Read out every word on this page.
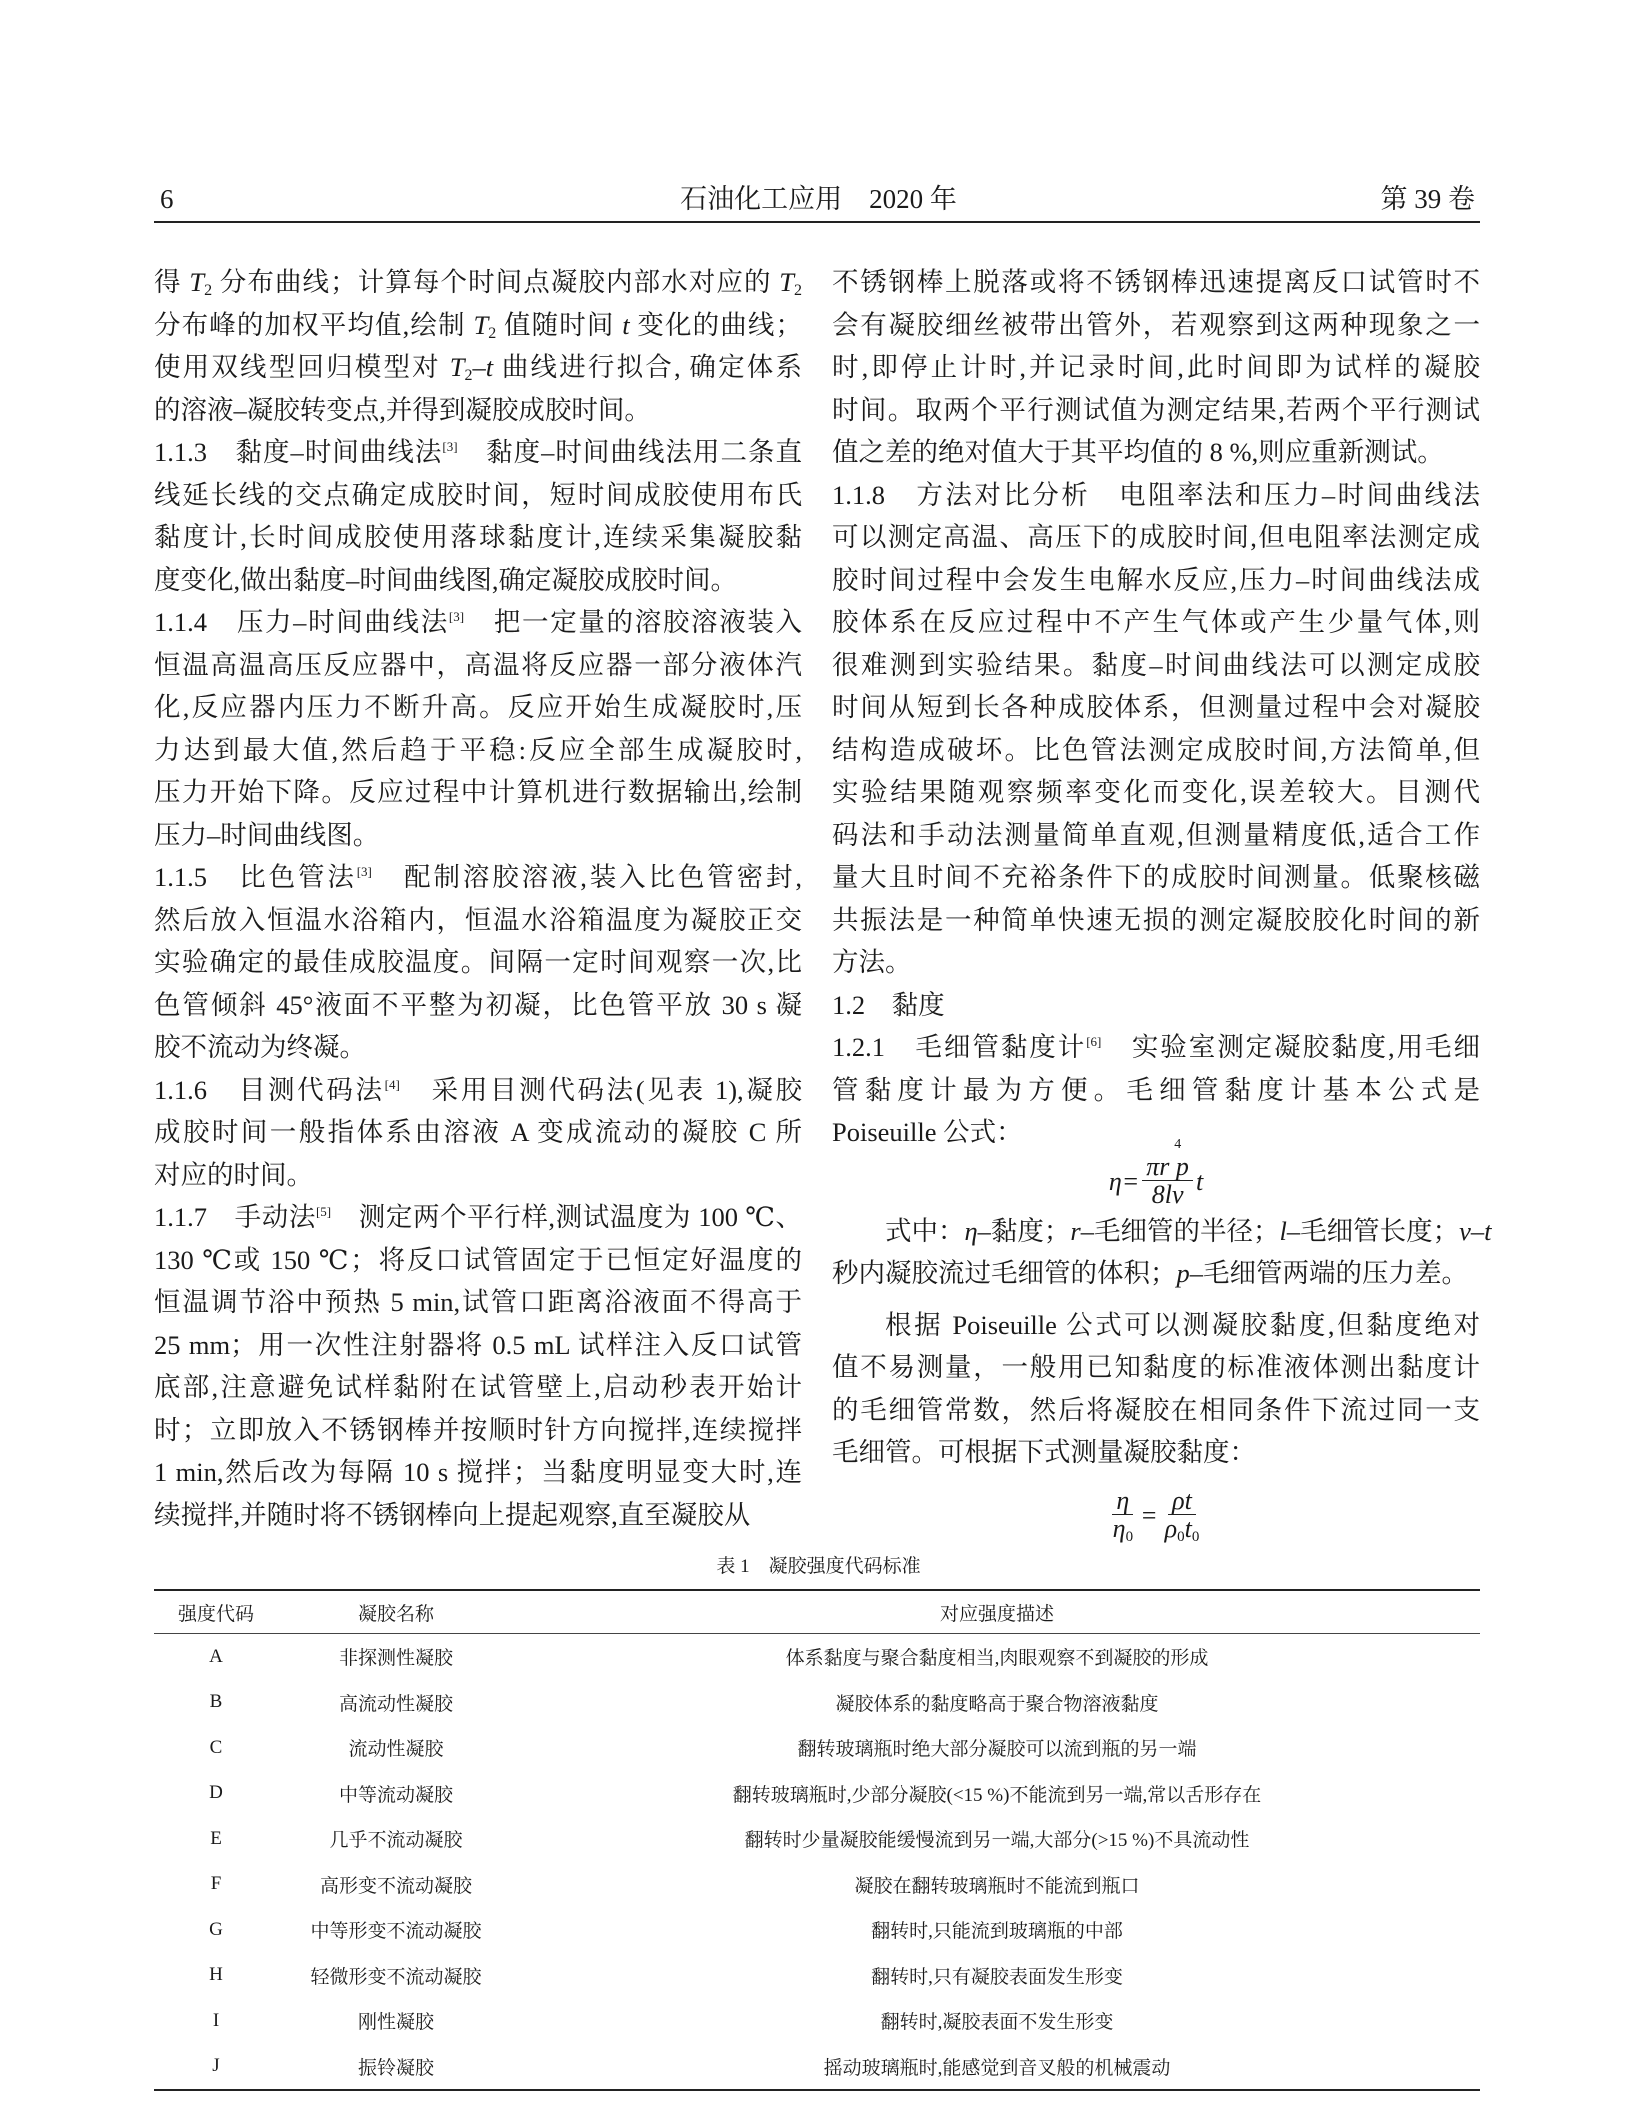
6	石油化工应用　2020 年	第 39 卷
得 $T_2$ 分布曲线；计算每个时间点凝胶内部水对应的 $T_2$
分布峰的加权平均值,绘制 $T_2$ 值随时间 t 变化的曲线；
使用双线型回归模型对 $T_2-t$ 曲线进行拟合, 确定体系
的溶液–凝胶转变点,并得到凝胶成胶时间。
1.1.3　黏度–时间曲线法[3]　黏度–时间曲线法用二条直
线延长线的交点确定成胶时间，短时间成胶使用布氏
黏度计,长时间成胶使用落球黏度计,连续采集凝胶黏
度变化,做出黏度–时间曲线图,确定凝胶成胶时间。
1.1.4　压力–时间曲线法[3]　把一定量的溶胶溶液装入
恒温高温高压反应器中，高温将反应器一部分液体汽
化,反应器内压力不断升高。反应开始生成凝胶时,压
力达到最大值,然后趋于平稳:反应全部生成凝胶时,
压力开始下降。反应过程中计算机进行数据输出,绘制
压力–时间曲线图。
1.1.5　比色管法[3]　配制溶胶溶液,装入比色管密封,
然后放入恒温水浴箱内，恒温水浴箱温度为凝胶正交
实验确定的最佳成胶温度。间隔一定时间观察一次,比
色管倾斜 45°液面不平整为初凝，比色管平放 30 s 凝
胶不流动为终凝。
1.1.6　目测代码法[4]　采用目测代码法(见表 1),凝胶
成胶时间一般指体系由溶液 A 变成流动的凝胶 C 所
对应的时间。
1.1.7　手动法[5]　测定两个平行样,测试温度为 100 ℃、
130 ℃或 150 ℃；将反口试管固定于已恒定好温度的
恒温调节浴中预热 5 min,试管口距离浴液面不得高于
25 mm；用一次性注射器将 0.5 mL 试样注入反口试管
底部,注意避免试样黏附在试管壁上,启动秒表开始计
时；立即放入不锈钢棒并按顺时针方向搅拌,连续搅拌
1 min,然后改为每隔 10 s 搅拌；当黏度明显变大时,连
续搅拌,并随时将不锈钢棒向上提起观察,直至凝胶从
不锈钢棒上脱落或将不锈钢棒迅速提离反口试管时不
会有凝胶细丝被带出管外，若观察到这两种现象之一
时,即停止计时,并记录时间,此时间即为试样的凝胶
时间。取两个平行测试值为测定结果,若两个平行测试
值之差的绝对值大于其平均值的 8 %,则应重新测试。
1.1.8　方法对比分析　电阻率法和压力–时间曲线法
可以测定高温、高压下的成胶时间,但电阻率法测定成
胶时间过程中会发生电解水反应,压力–时间曲线法成
胶体系在反应过程中不产生气体或产生少量气体,则
很难测到实验结果。黏度–时间曲线法可以测定成胶
时间从短到长各种成胶体系，但测量过程中会对凝胶
结构造成破坏。比色管法测定成胶时间,方法简单,但
实验结果随观察频率变化而变化,误差较大。目测代
码法和手动法测量简单直观,但测量精度低,适合工作
量大且时间不充裕条件下的成胶时间测量。低聚核磁
共振法是一种简单快速无损的测定凝胶胶化时间的新
方法。
1.2　黏度
1.2.1　毛细管黏度计[6]　实验室测定凝胶黏度,用毛细
管黏度计最为方便。毛细管黏度计基本公式是
Poiseuille 公式：
η= πr p
4
8lv t
式中：η–黏度；r–毛细管的半径；l–毛细管长度；v–t
秒内凝胶流过毛细管的体积；p–毛细管两端的压力差。
根据 Poiseuille 公式可以测凝胶黏度,但黏度绝对
值不易测量，一般用已知黏度的标准液体测出黏度计
的毛细管常数，然后将凝胶在相同条件下流过同一支
毛细管。可根据下式测量凝胶黏度：
$\frac{\eta}{\eta_0} = \frac{\rho t}{\rho_0t_0}$
表 1　凝胶强度代码标准
强度代码	凝胶名称	对应强度描述
A	非探测性凝胶	体系黏度与聚合黏度相当,肉眼观察不到凝胶的形成
B	高流动性凝胶	凝胶体系的黏度略高于聚合物溶液黏度
C	流动性凝胶	翻转玻璃瓶时绝大部分凝胶可以流到瓶的另一端
D	中等流动凝胶	翻转玻璃瓶时,少部分凝胶(<15 %)不能流到另一端,常以舌形存在
E	几乎不流动凝胶	翻转时少量凝胶能缓慢流到另一端,大部分(>15 %)不具流动性
F	高形变不流动凝胶	凝胶在翻转玻璃瓶时不能流到瓶口
G	中等形变不流动凝胶	翻转时,只能流到玻璃瓶的中部
H	轻微形变不流动凝胶	翻转时,只有凝胶表面发生形变
I	刚性凝胶	翻转时,凝胶表面不发生形变
J	振铃凝胶	摇动玻璃瓶时,能感觉到音叉般的机械震动
